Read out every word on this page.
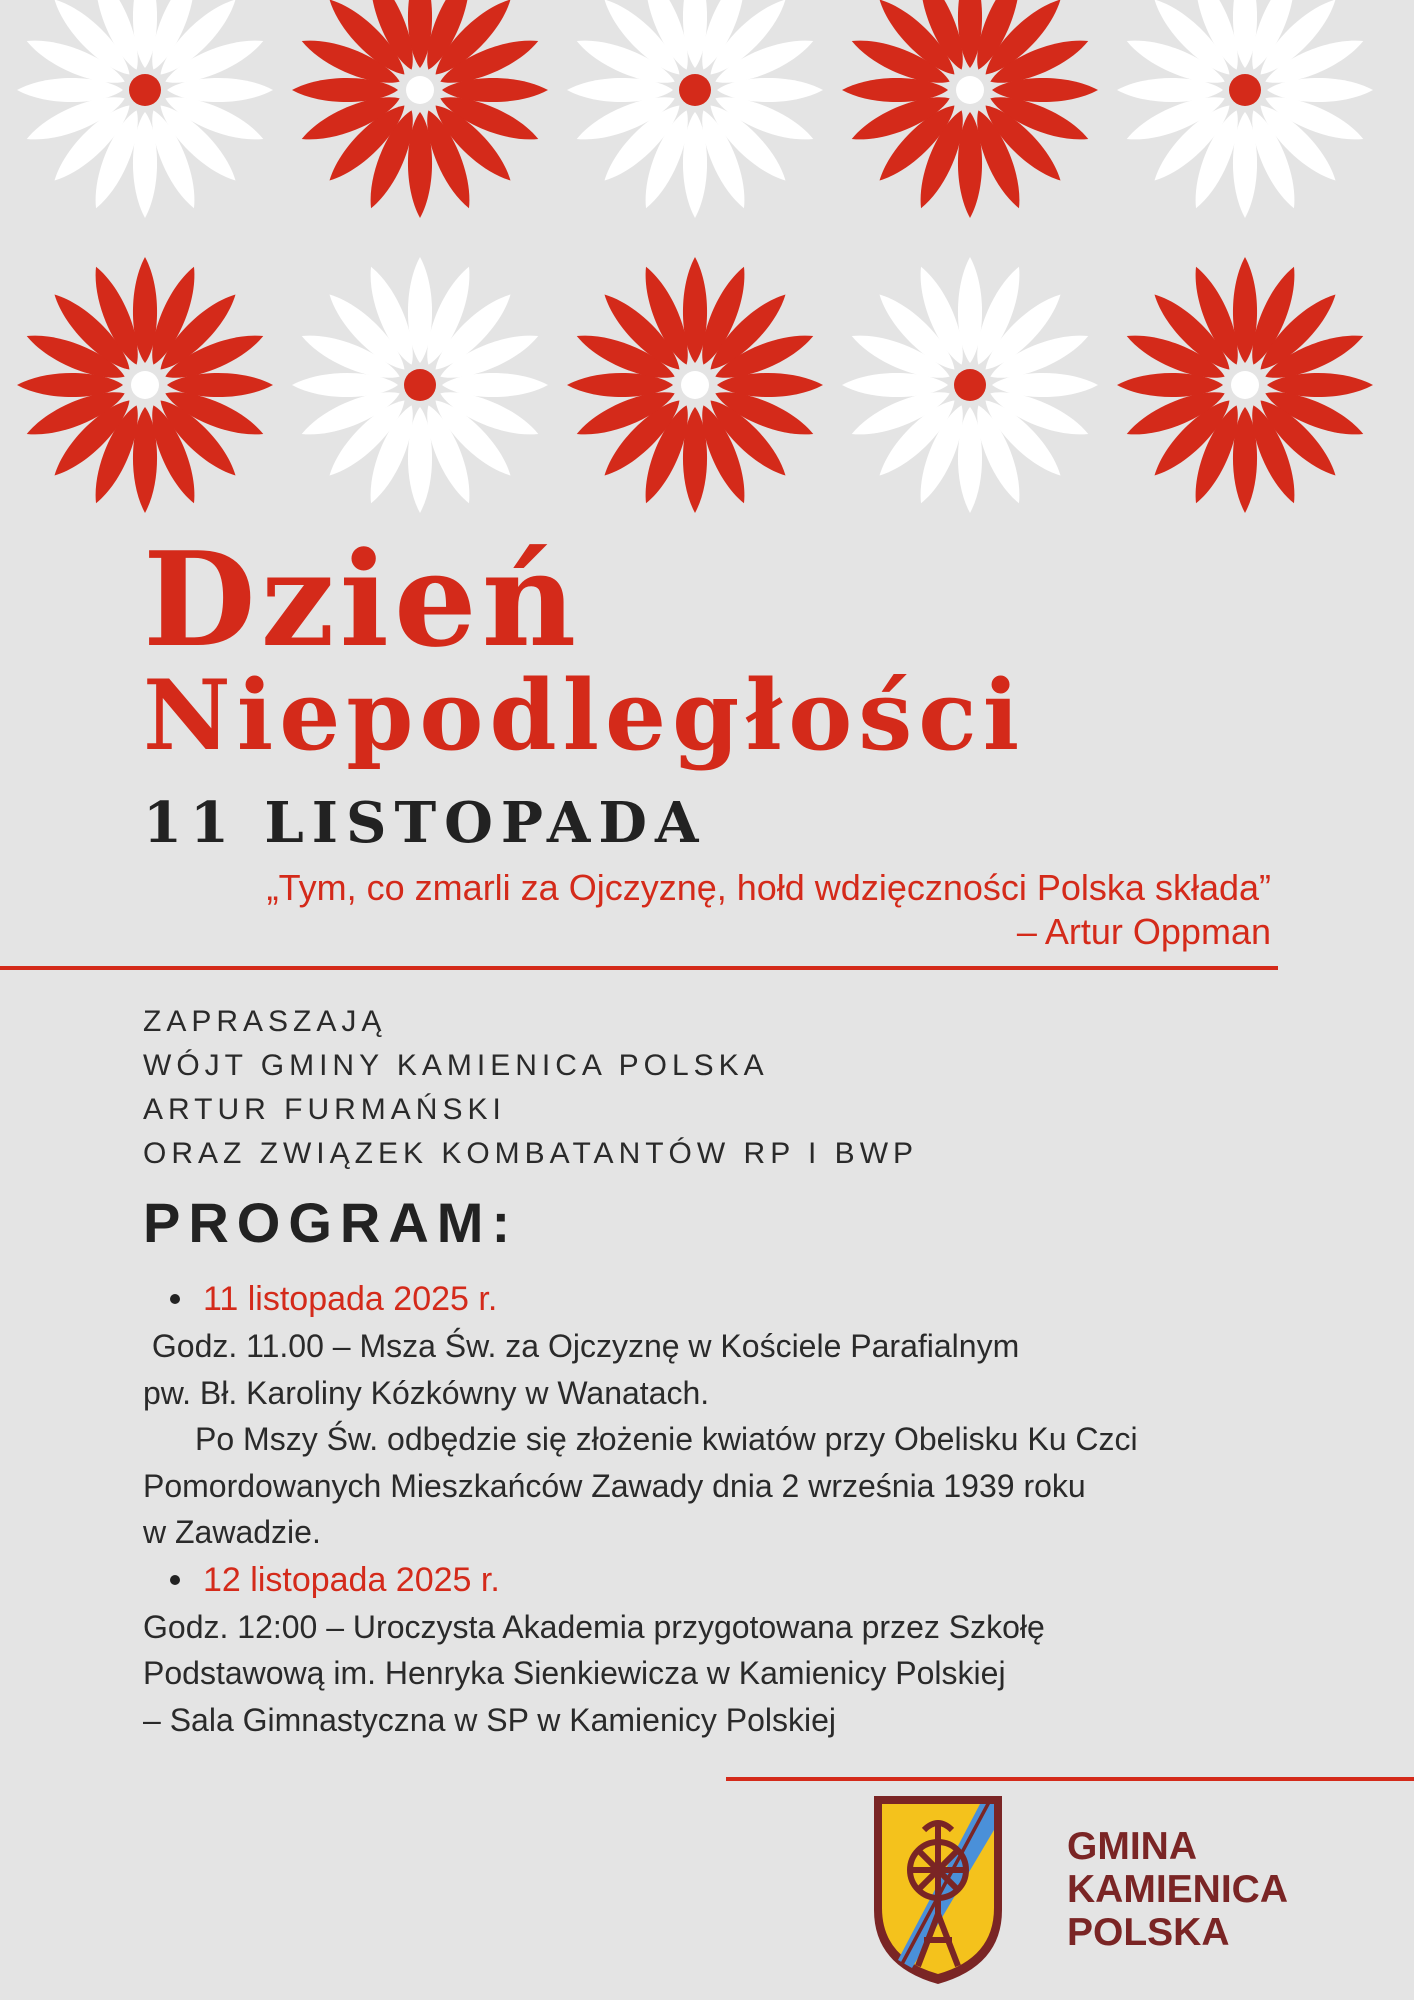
Dzień
Niepodległości
11 LISTOPADA

„Tym, co zmarli za Ojczyznę, hołd wdzięczności Polska składa”

– Artur Oppman

ZAPRASZAJĄ
WÓJT GMINY KAMIENICA POLSKA
ARTUR FURMAŃSKI
ORAZ ZWIĄZEK KOMBATANTÓW RP I BWP
PROGRAM:
11 listopada 2025 r.
Godz. 11.00 – Msza Św. za Ojczyznę w Kościele Parafialnym
pw. Bł. Karoliny Kózkówny w Wanatach.
Po Mszy Św. odbędzie się złożenie kwiatów przy Obelisku Ku Czci
Pomordowanych Mieszkańców Zawady dnia 2 września 1939 roku
w Zawadzie.
12 listopada 2025 r.
Godz. 12:00 – Uroczysta Akademia przygotowana przez Szkołę
Podstawową im. Henryka Sienkiewicza w Kamienicy Polskiej
– Sala Gimnastyczna w SP w Kamienicy Polskiej
GMINA
KAMIENICA
POLSKA
